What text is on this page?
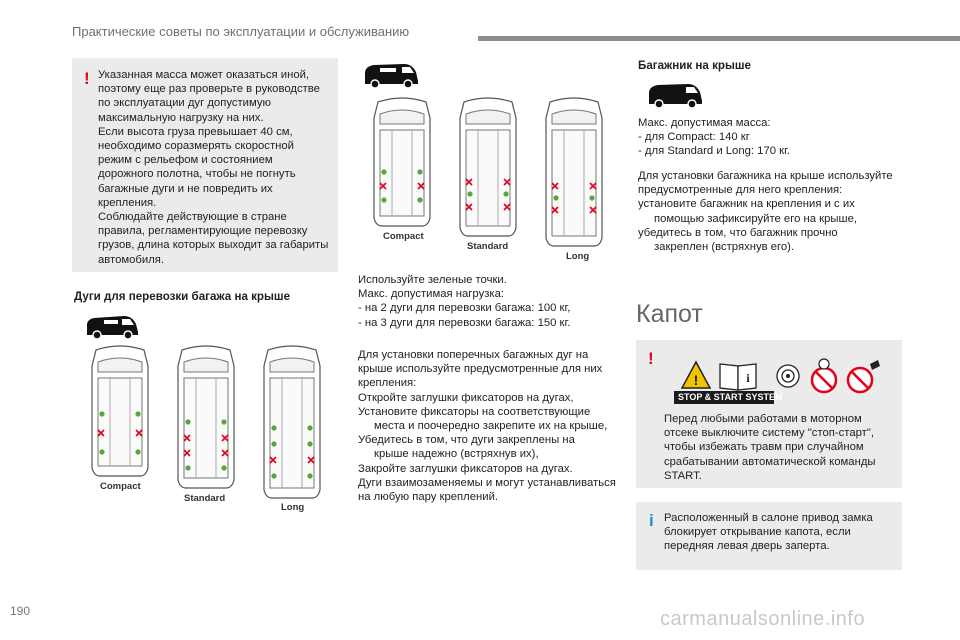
Практические советы по эксплуатации и обслуживанию
! Указанная масса может оказаться иной,
поэтому еще раз проверьте в руководстве
по эксплуатации дуг допустимую
максимальную нагрузку на них.
Если высота груза превышает 40 см,
необходимо соразмерять скоростной
режим с рельефом и состоянием
дорожного полотна, чтобы не погнуть
багажные дуги и не повредить их
крепления.
Соблюдайте действующие в стране
правила, регламентирующие перевозку
грузов, длина которых выходит за габариты
автомобиля.
Дуги для перевозки багажа на крыше
Compact
Standard
Long
Compact
Standard
Long
Используйте зеленые точки.
Макс. допустимая нагрузка:
- на 2 дуги для перевозки багажа: 100 кг,
- на 3 дуги для перевозки багажа: 150 кг.
Для установки поперечных багажных дуг на
крыше используйте предусмотренные для них
крепления:
Откройте заглушки фиксаторов на дугах,
Установите фиксаторы на соответствующие
места и поочередно закрепите их на крыше,
Убедитесь в том, что дуги закреплены на
крыше надежно (встряхнув их),
Закройте заглушки фиксаторов на дугах.
Дуги взаимозаменяемы и могут устанавливаться
на любую пару креплений.
Багажник на крыше
Макс. допустимая масса:
- для Compact: 140 кг
- для Standard и Long: 170 кг.
Для установки багажника на крыше используйте
предусмотренные для него крепления:
установите багажник на крепления и с их
помощью зафиксируйте его на крыше,
убедитесь в том, что багажник прочно
закреплен (встряхнув его).
Капот
!
!	i
STOP & START SYSTEM
Перед любыми работами в моторном
отсеке выключите систему "стоп-старт",
чтобы избежать травм при случайном
срабатывании автоматической команды
START.
i Расположенный в салоне привод замка
блокирует открывание капота, если
передняя левая дверь заперта.
190	carmanualsonline.info
